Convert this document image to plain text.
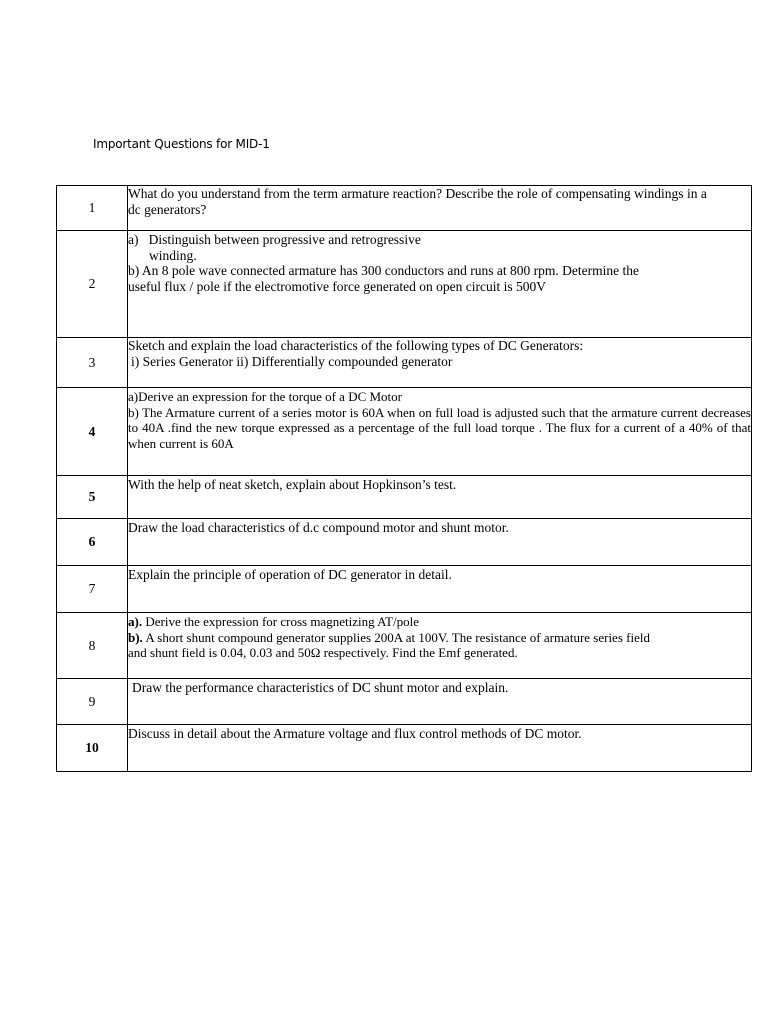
Important Questions for MID-1
1	What do you understand from the term armature reaction? Describe the role of compensating windings in a
dc generators?

2	a) Distinguish between progressive and retrogressive
winding.
b) An 8 pole wave connected armature has 300 conductors and runs at 800 rpm. Determine the
useful flux / pole if the electromotive force generated on open circuit is 500V

3	Sketch and explain the load characteristics of the following types of DC Generators:
i) Series Generator ii) Differentially compounded generator

4	a)Derive an expression for the torque of a DC Motor
b) The Armature current of a series motor is 60A when on full load is adjusted such that the armature current decreases to 40A .find the new torque expressed as a percentage of the full load torque . The flux for a current of a 40% of that when current is 60A

5	With the help of neat sketch, explain about Hopkinson’s test.

6	Draw the load characteristics of d.c compound motor and shunt motor.

7	Explain the principle of operation of DC generator in detail.

8	a). Derive the expression for cross magnetizing AT/pole
b). A short shunt compound generator supplies 200A at 100V. The resistance of armature series field
and shunt field is 0.04, 0.03 and 50Ω respectively. Find the Emf generated.

9	Draw the performance characteristics of DC shunt motor and explain.

10	Discuss in detail about the Armature voltage and flux control methods of DC motor.
